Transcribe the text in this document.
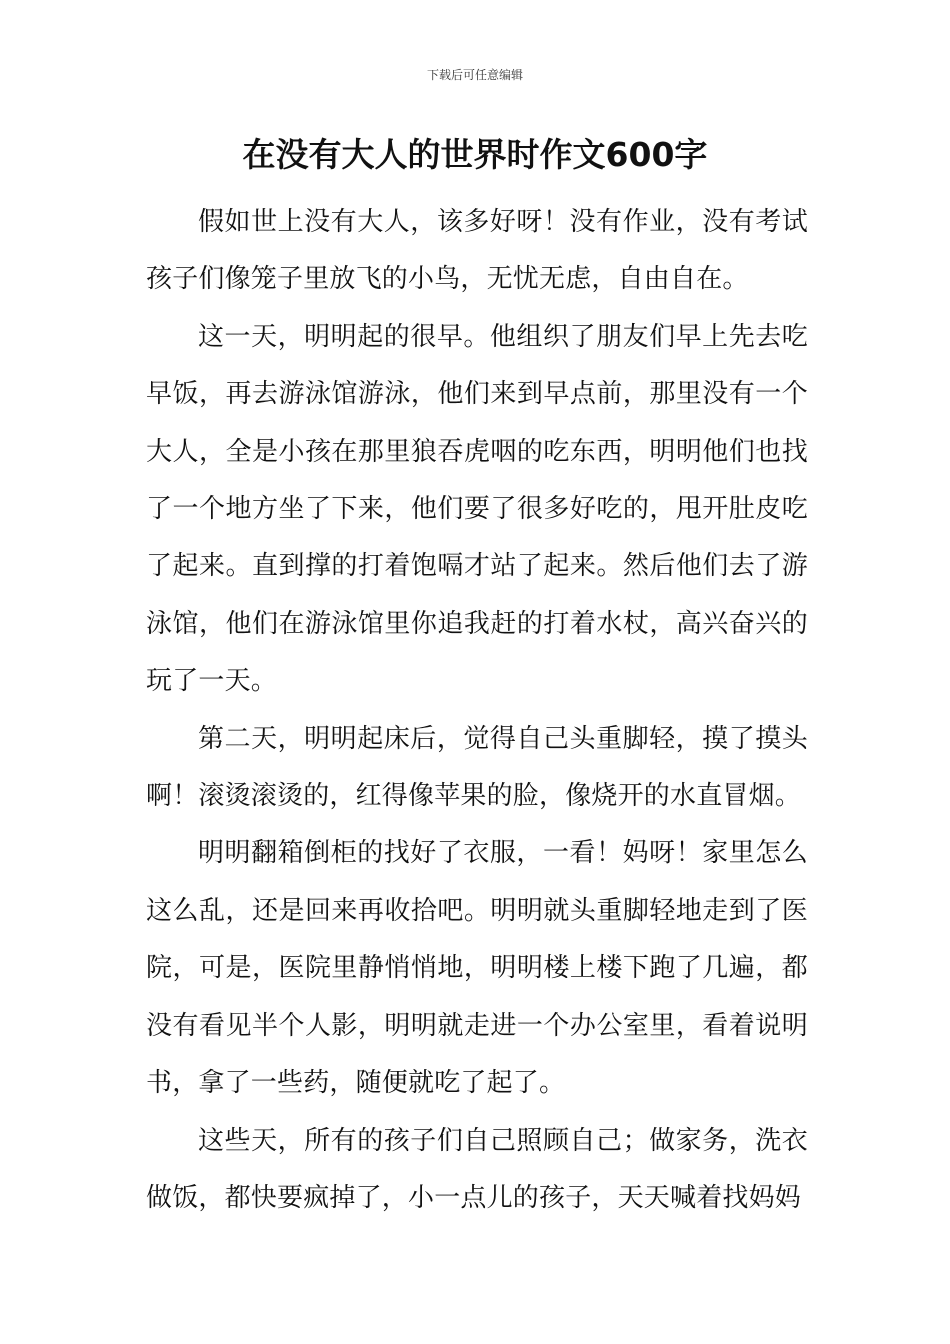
下载后可任意编辑
在没有大人的世界时作文600字

假如世上没有大人，该多好呀！没有作业，没有考试孩子们像笼子里放飞的小鸟，无忧无虑，自由自在。

这一天，明明起的很早。他组织了朋友们早上先去吃早饭，再去游泳馆游泳，他们来到早点前，那里没有一个大人，全是小孩在那里狼吞虎咽的吃东西，明明他们也找了一个地方坐了下来，他们要了很多好吃的，甩开肚皮吃了起来。直到撑的打着饱嗝才站了起来。然后他们去了游泳馆，他们在游泳馆里你追我赶的打着水杖，高兴奋兴的玩了一天。

第二天，明明起床后，觉得自己头重脚轻，摸了摸头啊！滚烫滚烫的，红得像苹果的脸，像烧开的水直冒烟。

明明翻箱倒柜的找好了衣服，一看！妈呀！家里怎么这么乱，还是回来再收拾吧。明明就头重脚轻地走到了医院，可是，医院里静悄悄地，明明楼上楼下跑了几遍，都没有看见半个人影，明明就走进一个办公室里，看着说明书，拿了一些药，随便就吃了起了。

这些天，所有的孩子们自己照顾自己；做家务，洗衣做饭，都快要疯掉了，小一点儿的孩子，天天喊着找妈妈
